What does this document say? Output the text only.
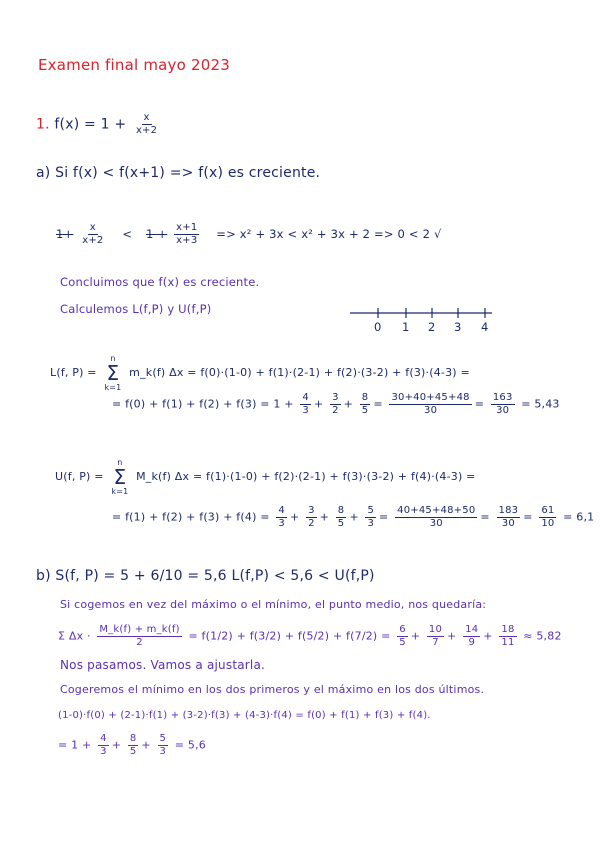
Examen final mayo 2023
1. $f(x) = 1 + \frac{x}{x+2}$
a) Si f(x) < f(x+1) => f(x) es creciente.
$1+ \frac{x}{x+2} < 1 + \frac{x+1}{x+3} => x^2 + 3x < x^2 + 3x + 2 => 0 < 2$ √
Concluimos que f(x) es creciente.
Calculemos L(f,P) y U(f,P)
0 1 2 3 4
L(f, P) =
n
Σ
k=1
m_k(f) Δx = f(0)·(1-0) + f(1)·(2-1) + f(2)·(3-2) + f(3)·(4-3) =
= $f(0) + f(1) + f(2) + f(3) = 1 + \frac{4}{3} + \frac{3}{2} + \frac{8}{5} = \frac{30+40+45+48}{30} = \frac{163}{30} = 5,43$
U(f, P) =
n
Σ
k=1
M_k(f) Δx = f(1)·(1-0) + f(2)·(2-1) + f(3)·(3-2) + f(4)·(4-3) =
= $f(1) + f(2) + f(3) + f(4) = \frac{4}{3} + \frac{3}{2} + \frac{8}{5} + \frac{5}{3} = \frac{40+45+48+50}{30} = \frac{183}{30} = \frac{61}{10} = 6,1$
b) S(f, P) = 5 + 6/10 = 5,6 L(f,P) < 5,6 < U(f,P)
Si cogemos en vez del máximo o el mínimo, el punto medio, nos quedaría:
Σ $\Delta x \cdot \frac{M\_k(f) + m\_k(f)}{2} = f(1/2) + f(3/2) + f(5/2) + f(7/2) = \frac{6}{5} + \frac{10}{7} + \frac{14}{9} + \frac{18}{11} \approx 5,82$
Nos pasamos. Vamos a ajustarla.
Cogeremos el mínimo en los dos primeros y el máximo en los dos últimos.
(1-0)·f(0) + (2-1)·f(1) + (3-2)·f(3) + (4-3)·f(4) = f(0) + f(1) + f(3) + f(4).
= $1 + \frac{4}{3} + \frac{8}{5} + \frac{5}{3} = 5,6$
